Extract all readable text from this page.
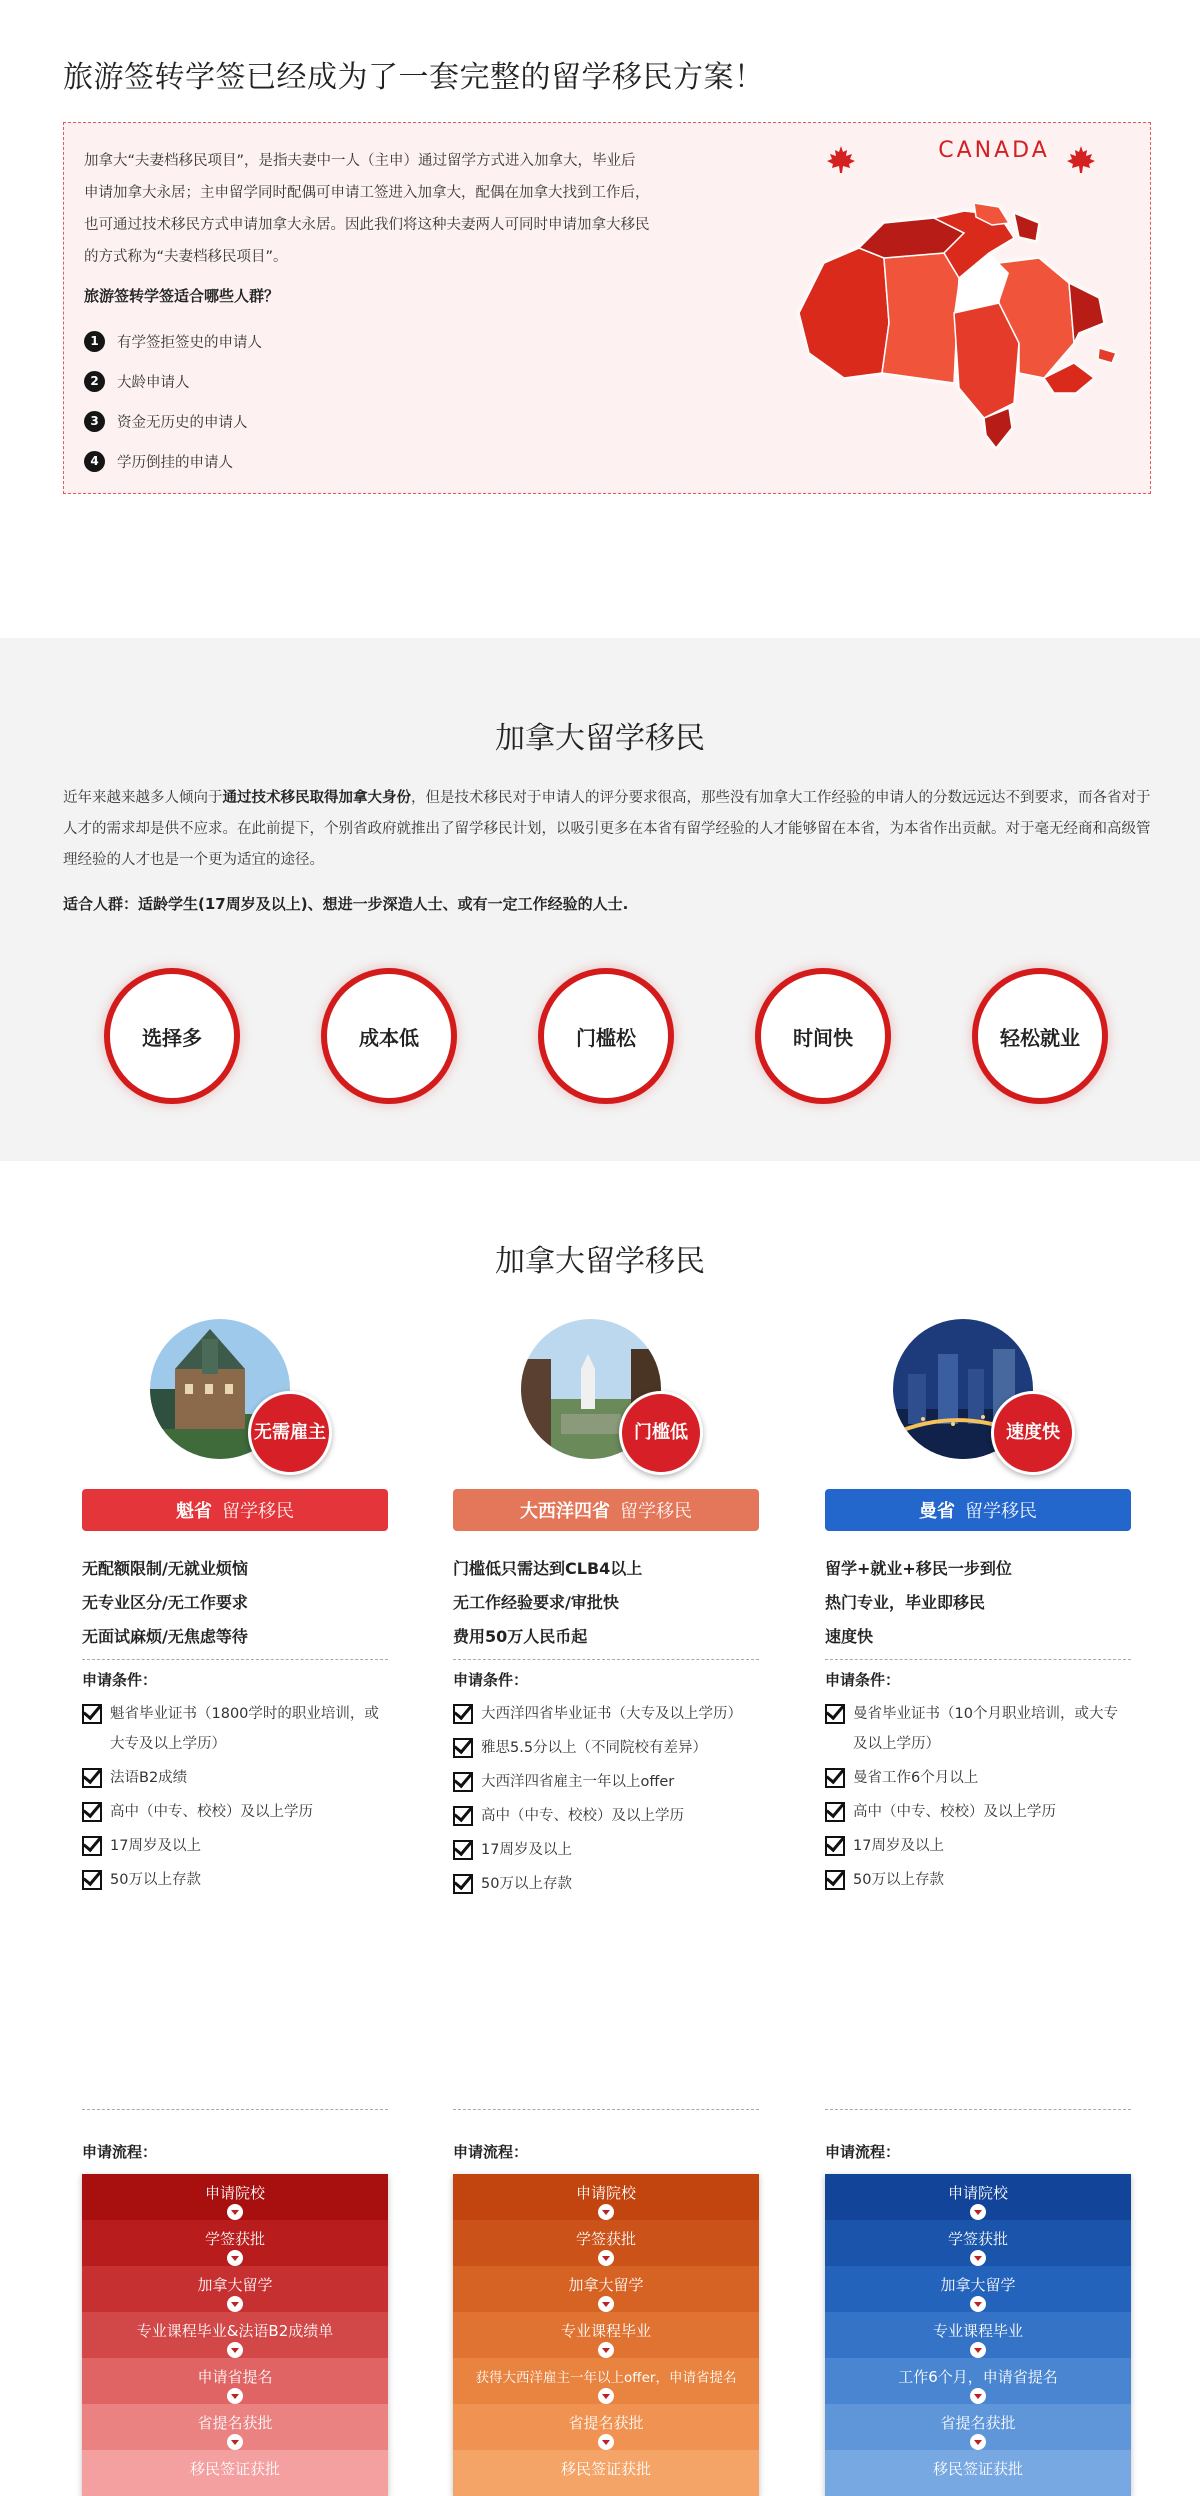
旅游签转学签已经成为了一套完整的留学移民方案！
加拿大“夫妻档移民项目”，是指夫妻中一人（主申）通过留学方式进入加拿大，毕业后
申请加拿大永居；主申留学同时配偶可申请工签进入加拿大，配偶在加拿大找到工作后，
也可通过技术移民方式申请加拿大永居。因此我们将这种夫妻两人可同时申请加拿大移民
的方式称为“夫妻档移民项目”。
旅游签转学签适合哪些人群？
1	有学签拒签史的申请人
2	大龄申请人
3	资金无历史的申请人
4	学历倒挂的申请人
CANADA
加拿大留学移民

近年来越来越多人倾向于通过技术移民取得加拿大身份，但是技术移民对于申请人的评分要求很高，那些没有加拿大工作经验的申请人的分数远远达不到要求，而各省对于人才的需求却是供不应求。在此前提下，个别省政府就推出了留学移民计划，以吸引更多在本省有留学经验的人才能够留在本省，为本省作出贡献。对于毫无经商和高级管理经验的人才也是一个更为适宜的途径。

适合人群：适龄学生(17周岁及以上)、想进一步深造人士、或有一定工作经验的人士.
选择多	成本低	门槛松	时间快	轻松就业
加拿大留学移民
无需 雇主
魁省 留学移民
无配额限制/无就业烦恼
无专业区分/无工作要求
无面试麻烦/无焦虑等待
申请条件：
魁省毕业证书（1800学时的职业培训，或大专及以上学历）
法语B2成绩
高中（中专、校校）及以上学历
17周岁及以上
50万以上存款
申请流程：
申请院校
学签获批
加拿大留学
专业课程毕业&法语B2成绩单
申请省提名
省提名获批
移民签证获批
门槛低
大西洋四省 留学移民
门槛低只需达到CLB4以上
无工作经验要求/审批快
费用50万人民币起
申请条件：
大西洋四省毕业证书（大专及以上学历）
雅思5.5分以上（不同院校有差异）
大西洋四省雇主一年以上offer
高中（中专、校校）及以上学历
17周岁及以上
50万以上存款
申请流程：
申请院校
学签获批
加拿大留学
专业课程毕业
获得大西洋雇主一年以上offer，申请省提名
省提名获批
移民签证获批
速度快
曼省 留学移民
留学+就业+移民一步到位
热门专业，毕业即移民
速度快
申请条件：
曼省毕业证书（10个月职业培训，或大专及以上学历）
曼省工作6个月以上
高中（中专、校校）及以上学历
17周岁及以上
50万以上存款
申请流程：
申请院校
学签获批
加拿大留学
专业课程毕业
工作6个月，申请省提名
省提名获批
移民签证获批
